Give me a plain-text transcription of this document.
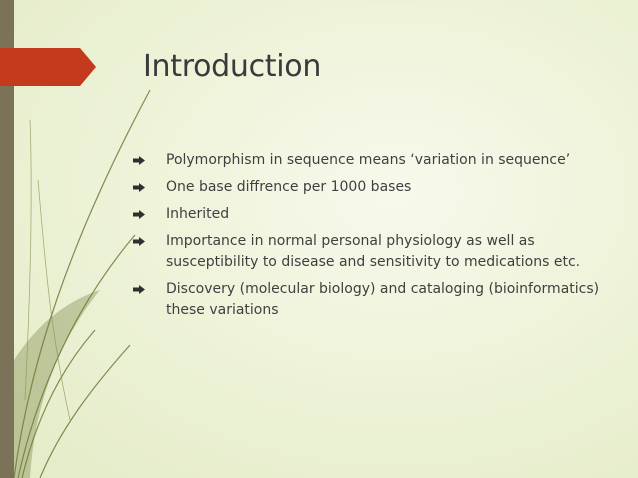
Introduction
Polymorphism in sequence means ‘variation in sequence’
One base diffrence per 1000 bases
Inherited
Importance in normal personal physiology as well as susceptibility to disease and sensitivity to medications etc.
Discovery (molecular biology) and cataloging (bioinformatics) these variations
